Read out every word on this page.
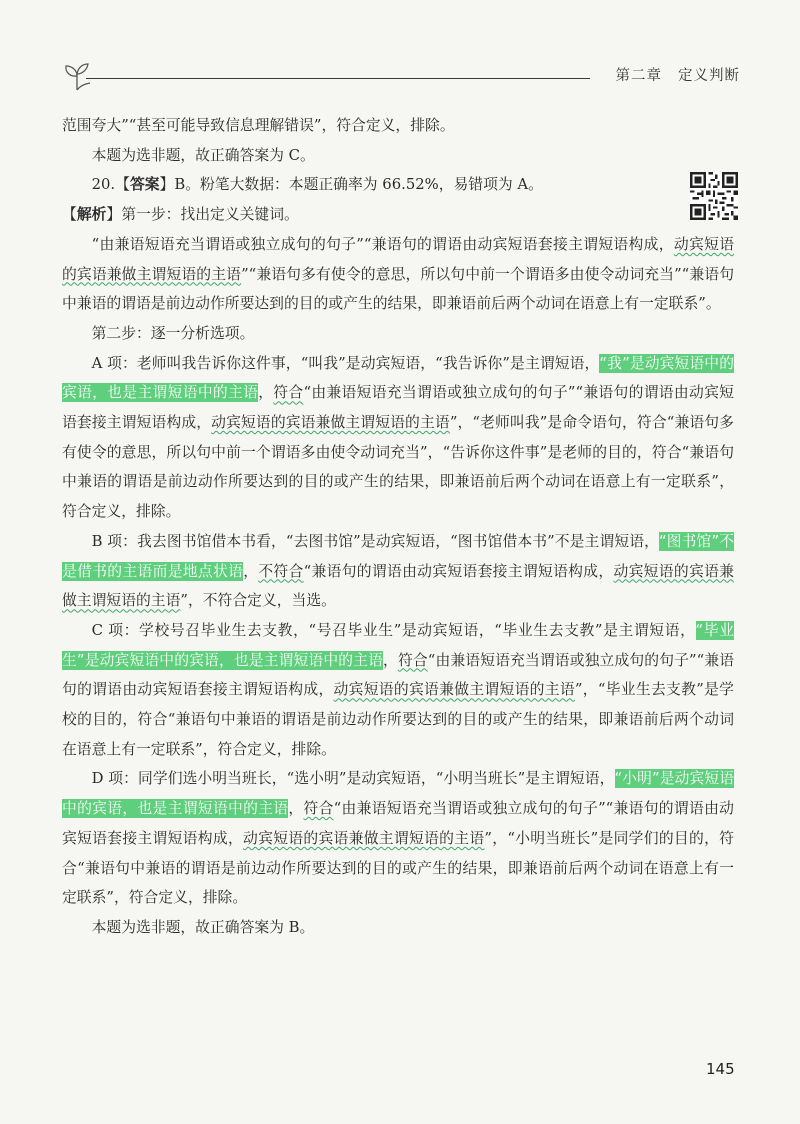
第二章 定义判断

范围夸大”“甚至可能导致信息理解错误”，符合定义，排除。

本题为选非题，故正确答案为 C。

20.【答案】B。粉笔大数据：本题正确率为 66.52%，易错项为 A。

【解析】第一步：找出定义关键词。

“由兼语短语充当谓语或独立成句的句子”“兼语句的谓语由动宾短语套接主谓短语构成，动宾短语的宾语兼做主谓短语的主语”“兼语句多有使令的意思，所以句中前一个谓语多由使令动词充当”“兼语句中兼语的谓语是前边动作所要达到的目的或产生的结果，即兼语前后两个动词在语意上有一定联系”。

第二步：逐一分析选项。

A 项：老师叫我告诉你这件事，“叫我”是动宾短语，“我告诉你”是主谓短语，“我”是动宾短语中的宾语，也是主谓短语中的主语，符合“由兼语短语充当谓语或独立成句的句子”“兼语句的谓语由动宾短语套接主谓短语构成，动宾短语的宾语兼做主谓短语的主语”，“老师叫我”是命令语句，符合“兼语句多有使令的意思，所以句中前一个谓语多由使令动词充当”，“告诉你这件事”是老师的目的，符合“兼语句中兼语的谓语是前边动作所要达到的目的或产生的结果，即兼语前后两个动词在语意上有一定联系”，符合定义，排除。

B 项：我去图书馆借本书看，“去图书馆”是动宾短语，“图书馆借本书”不是主谓短语，“图书馆”不是借书的主语而是地点状语，不符合“兼语句的谓语由动宾短语套接主谓短语构成，动宾短语的宾语兼做主谓短语的主语”，不符合定义，当选。

C 项：学校号召毕业生去支教，“号召毕业生”是动宾短语，“毕业生去支教”是主谓短语，“毕业生”是动宾短语中的宾语，也是主谓短语中的主语，符合“由兼语短语充当谓语或独立成句的句子”“兼语句的谓语由动宾短语套接主谓短语构成，动宾短语的宾语兼做主谓短语的主语”，“毕业生去支教”是学校的目的，符合“兼语句中兼语的谓语是前边动作所要达到的目的或产生的结果，即兼语前后两个动词在语意上有一定联系”，符合定义，排除。

D 项：同学们选小明当班长，“选小明”是动宾短语，“小明当班长”是主谓短语，“小明”是动宾短语中的宾语，也是主谓短语中的主语，符合“由兼语短语充当谓语或独立成句的句子”“兼语句的谓语由动宾短语套接主谓短语构成，动宾短语的宾语兼做主谓短语的主语”，“小明当班长”是同学们的目的，符合“兼语句中兼语的谓语是前边动作所要达到的目的或产生的结果，即兼语前后两个动词在语意上有一定联系”，符合定义，排除。

本题为选非题，故正确答案为 B。

145
